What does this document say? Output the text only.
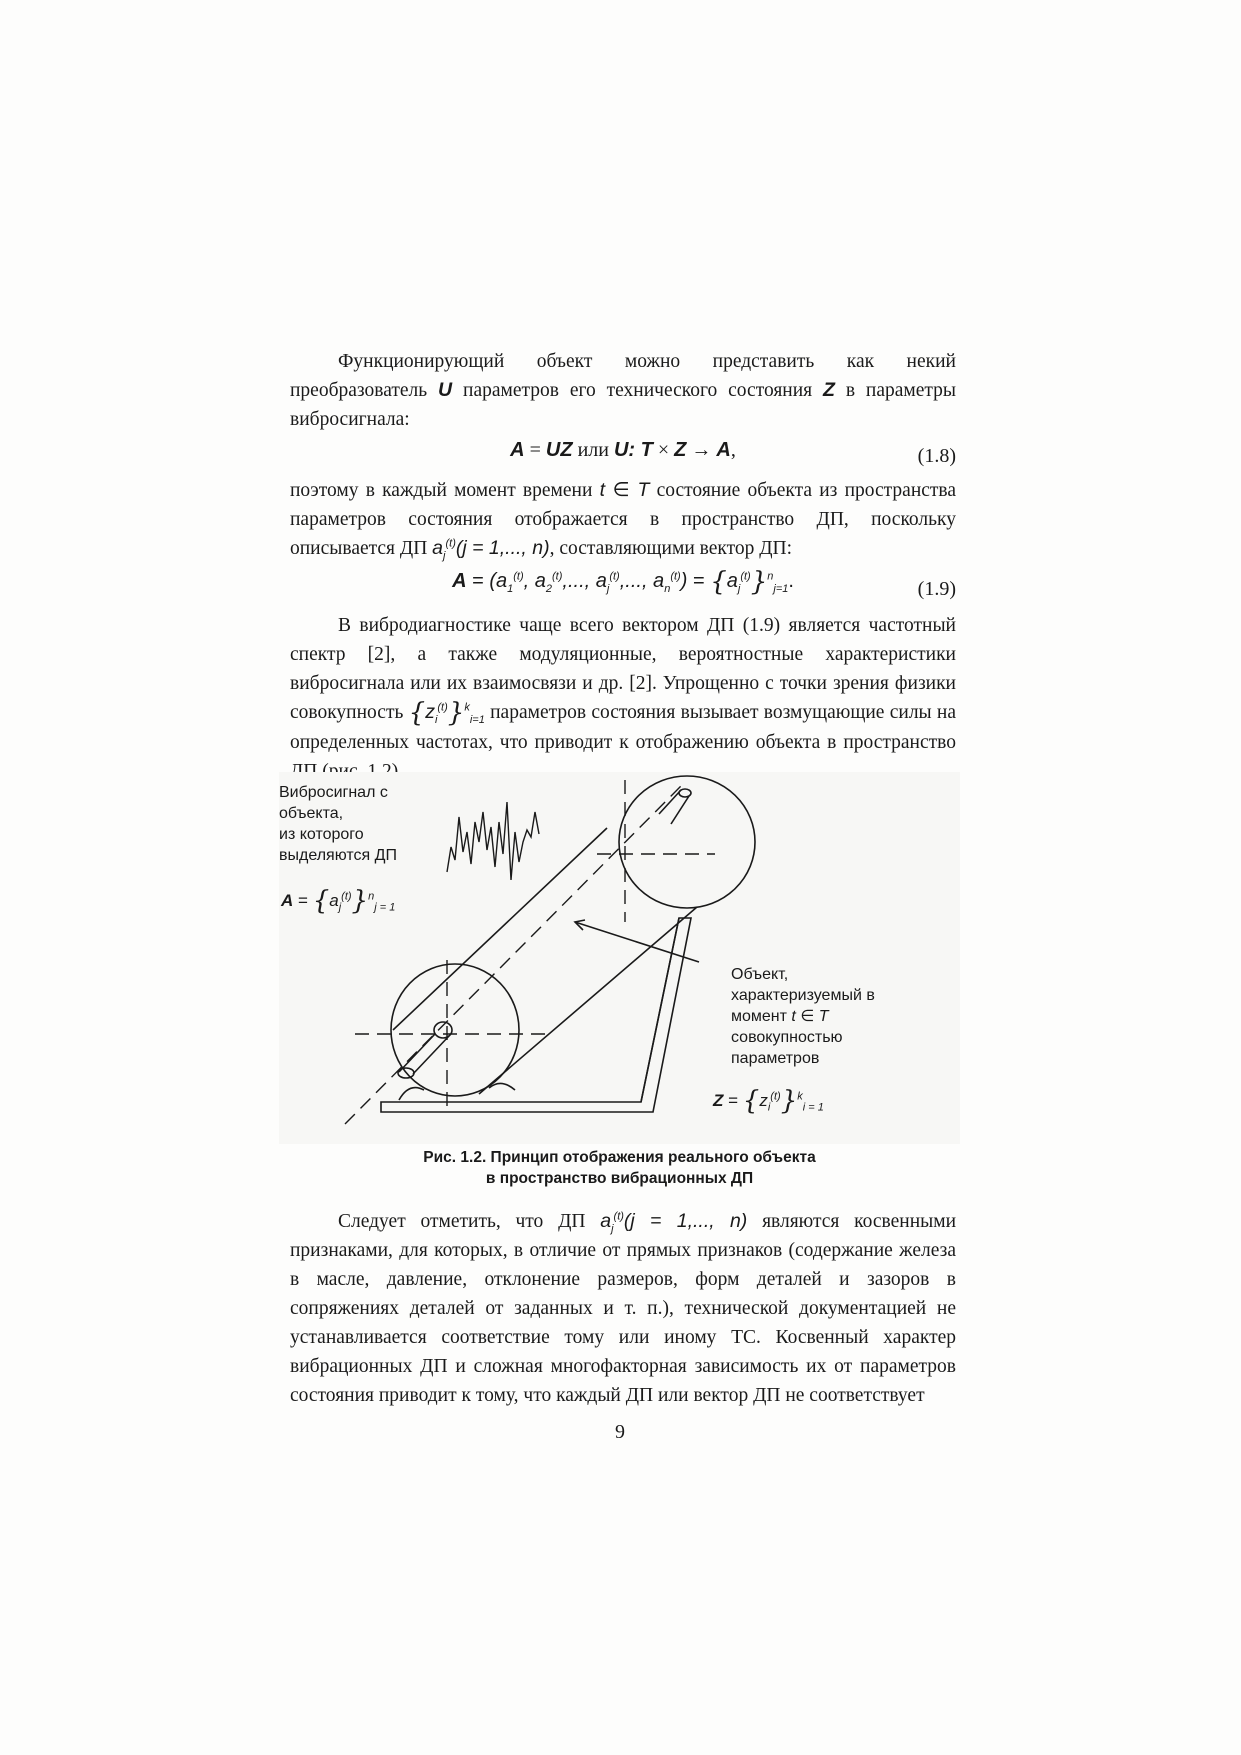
Функционирующий объект можно представить как некий преобразователь U параметров его технического состояния Z в параметры вибросигнала:

A = UZ или U: T × Z → A,	(1.8)

поэтому в каждый момент времени t ∈ T состояние объекта из пространства параметров состояния отображается в пространство ДП, поскольку описывается ДП $a_j^{(t)}(j = 1$,..., n), составляющими вектор ДП:

$A = (a_1^{(t)}$, $a_2^{(t)}$,..., $a_j^{(t)}$,..., $a_n^{(t)}) = \{a_j^{(t)}\}^n_{j=1}$.	(1.9)

В вибродиагностике чаще всего вектором ДП (1.9) является частотный спектр [2], а также модуляционные, вероятностные характеристики вибросигнала или их взаимосвязи и др. [2]. Упрощенно с точки зрения физики совокупность $\{z_i^{(t)}\}^k_{i=1}$ параметров состояния вызывает возмущающие силы на определенных частотах, что приводит к отображению объекта в пространство

Вибросигнал с
объекта,
из которого
выделяются ДП
$A = \{a_j^{(t)}\}^n_{j = 1}$
Объект,
характеризуемый в
момент t ∈ T
совокупностью
параметров
$Z = \{z_i^{(t)}\}^k_{i = 1}$
Рис. 1.2. Принцип отображения реального объекта
в пространство вибрационных ДП

Следует отметить, что ДП $a_j^{(t)}(j = 1$,..., n) являются косвенными признаками, для которых, в отличие от прямых признаков (содержание железа в масле, давление, отклонение размеров, форм деталей и зазоров в сопряжениях деталей от заданных и т. п.), технической документацией не устанавливается соответствие тому или иному ТС. Косвенный характер вибрационных ДП и сложная многофакторная зависимость их от параметров состояния приводит к тому, что каждый ДП или вектор ДП не соответствует

9
